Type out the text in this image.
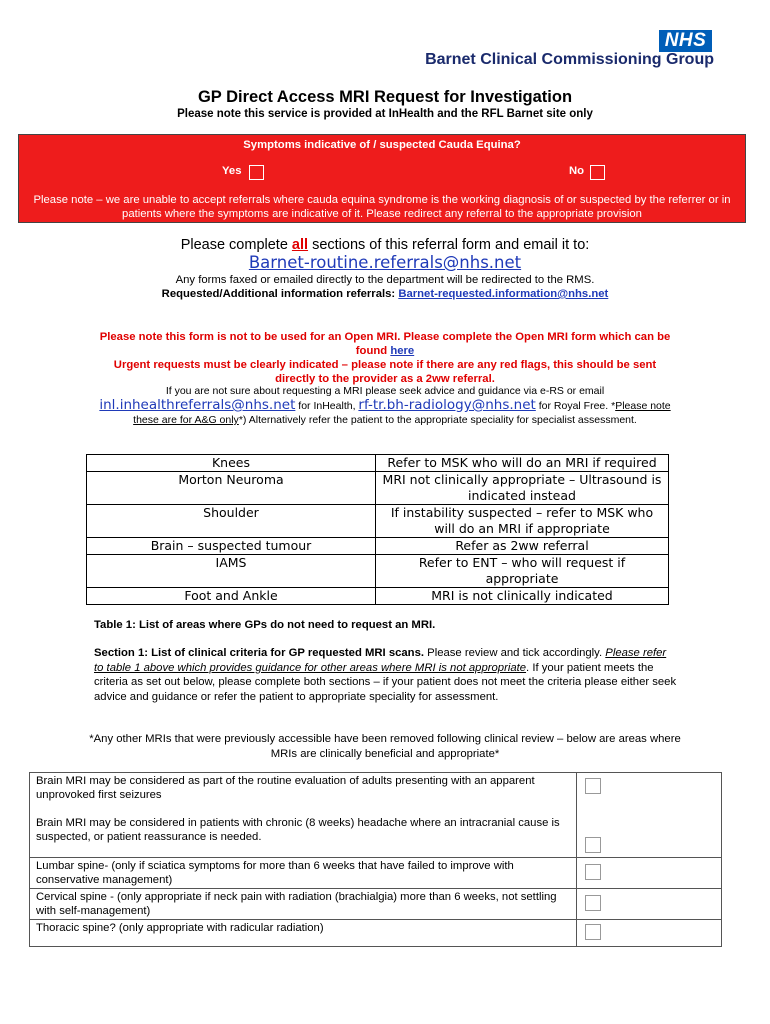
NHS
Barnet Clinical Commissioning Group
GP Direct Access MRI Request for Investigation
Please note this service is provided at InHealth and the RFL Barnet site only
Symptoms indicative of / suspected Cauda Equina?
Yes	No
Please note – we are unable to accept referrals where cauda equina syndrome is the working diagnosis of or suspected by the referrer or in patients where the symptoms are indicative of it. Please redirect any referral to the appropriate provision
Please complete all sections of this referral form and email it to:
Barnet-routine.referrals@nhs.net
Any forms faxed or emailed directly to the department will be redirected to the RMS.
Requested/Additional information referrals: Barnet-requested.information@nhs.net
Please note this form is not to be used for an Open MRI. Please complete the Open MRI form which can be found here
Urgent requests must be clearly indicated – please note if there are any red flags, this should be sent directly to the provider as a 2ww referral.
If you are not sure about requesting a MRI please seek advice and guidance via e-RS or email
inl.inhealthreferrals@nhs.net for InHealth, rf-tr.bh-radiology@nhs.net for Royal Free. *Please note these are for A&G only*) Alternatively refer the patient to the appropriate speciality for specialist assessment.
Knees	Refer to MSK who will do an MRI if required
Morton Neuroma	MRI not clinically appropriate – Ultrasound is indicated instead
Shoulder	If instability suspected – refer to MSK who will do an MRI if appropriate
Brain – suspected tumour	Refer as 2ww referral
IAMS	Refer to ENT – who will request if appropriate
Foot and Ankle	MRI is not clinically indicated
Table 1: List of areas where GPs do not need to request an MRI.
Section 1: List of clinical criteria for GP requested MRI scans. Please review and tick accordingly. Please refer to table 1 above which provides guidance for other areas where MRI is not appropriate. If your patient meets the criteria as set out below, please complete both sections – if your patient does not meet the criteria please either seek advice and guidance or refer the patient to appropriate speciality for assessment.
*Any other MRIs that were previously accessible have been removed following clinical review – below are areas where MRIs are clinically beneficial and appropriate*
Brain MRI may be considered as part of the routine evaluation of adults presenting with an apparent unprovoked first seizures
Brain MRI may be considered in patients with chronic (8 weeks) headache where an intracranial cause is suspected, or patient reassurance is needed.	

Lumbar spine- (only if sciatica symptoms for more than 6 weeks that have failed to improve with conservative management)	

Cervical spine - (only appropriate if neck pain with radiation (brachialgia) more than 6 weeks, not settling with self-management)	

Thoracic spine? (only appropriate with radicular radiation)	
